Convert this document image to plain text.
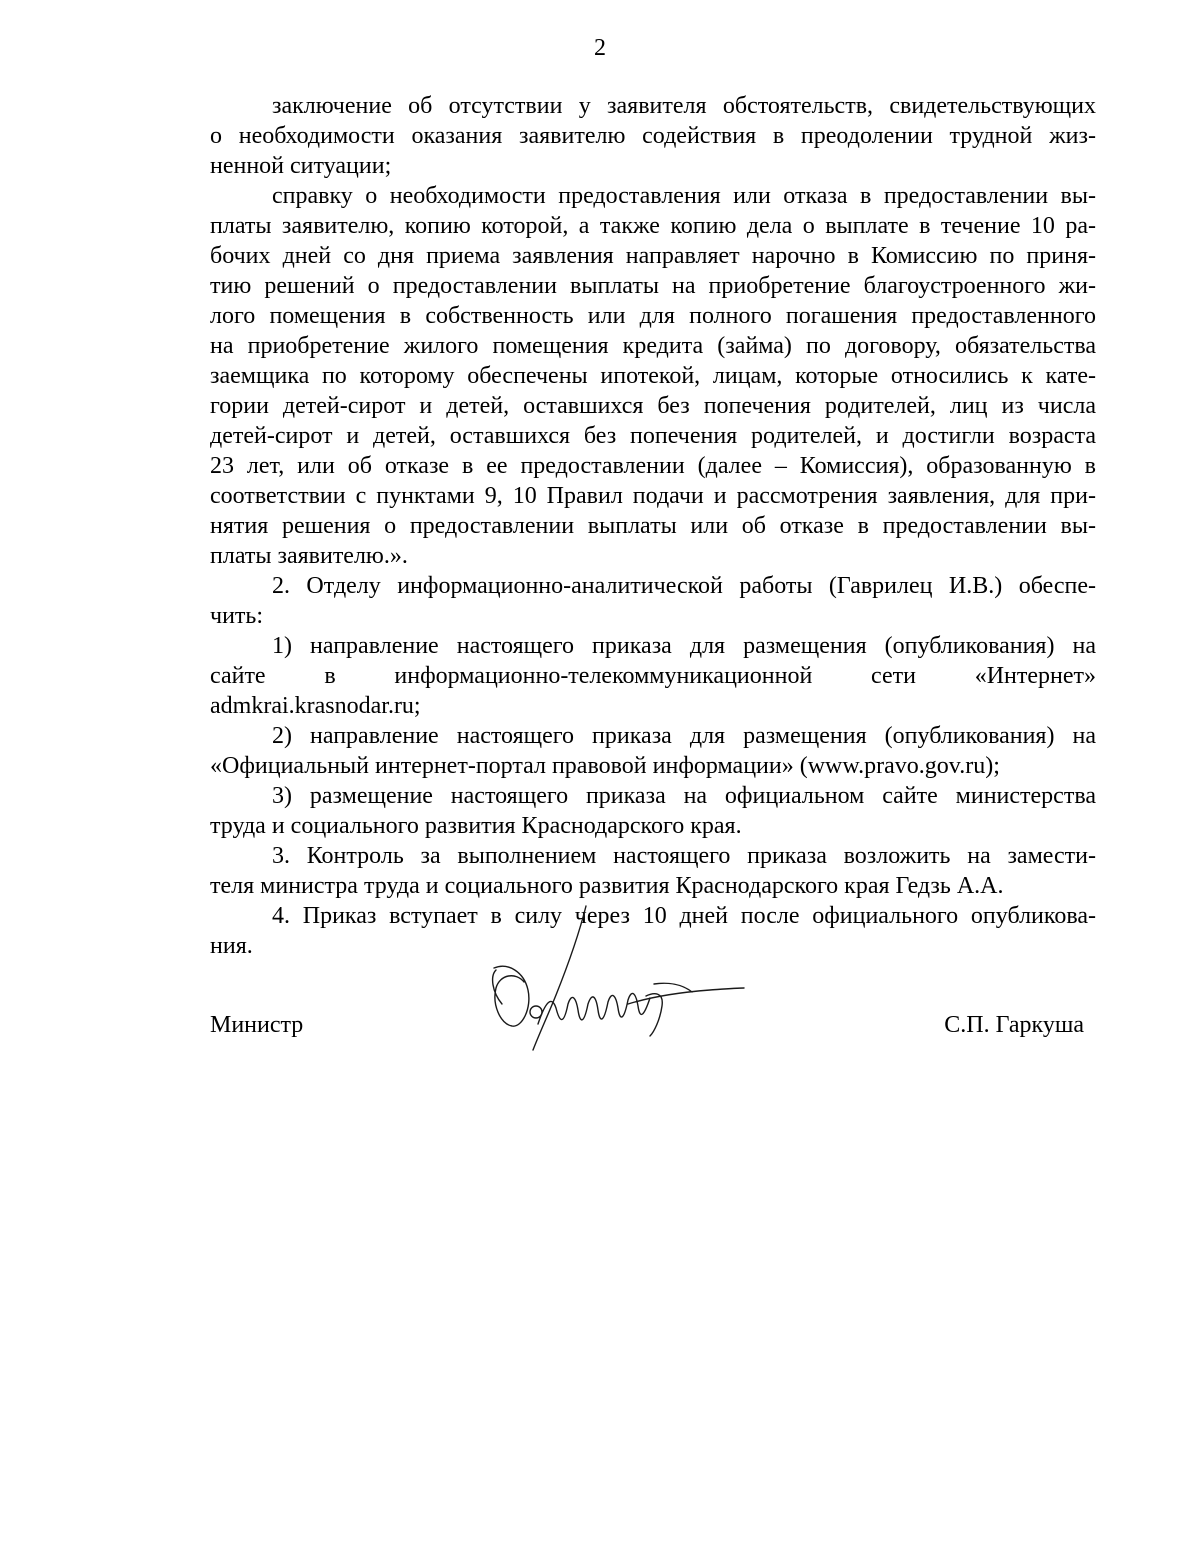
2

заключение об отсутствии у заявителя обстоятельств, свидетельствующих
о необходимости оказания заявителю содействия в преодолении трудной жиз-
ненной ситуации;

справку о необходимости предоставления или отказа в предоставлении вы-
платы заявителю, копию которой, а также копию дела о выплате в течение 10 ра-
бочих дней со дня приема заявления направляет нарочно в Комиссию по приня-
тию решений о предоставлении выплаты на приобретение благоустроенного жи-
лого помещения в собственность или для полного погашения предоставленного
на приобретение жилого помещения кредита (займа) по договору, обязательства
заемщика по которому обеспечены ипотекой, лицам, которые относились к кате-
гории детей-сирот и детей, оставшихся без попечения родителей, лиц из числа
детей-сирот и детей, оставшихся без попечения родителей, и достигли возраста
23 лет, или об отказе в ее предоставлении (далее – Комиссия), образованную в
соответствии с пунктами 9, 10 Правил подачи и рассмотрения заявления, для при-
нятия решения о предоставлении выплаты или об отказе в предоставлении вы-
платы заявителю.».

2. Отделу информационно-аналитической работы (Гаврилец И.В.) обеспе-
чить:

1) направление настоящего приказа для размещения (опубликования) на
сайте в информационно-телекоммуникационной сети «Интернет»
admkrai.krasnodar.ru;

2) направление настоящего приказа для размещения (опубликования) на
«Официальный интернет-портал правовой информации» (www.pravo.gov.ru);

3) размещение настоящего приказа на официальном сайте министерства
труда и социального развития Краснодарского края.

3. Контроль за выполнением настоящего приказа возложить на замести-
теля министра труда и социального развития Краснодарского края Гедзь А.А.

4. Приказ вступает в силу через 10 дней после официального опубликова-
ния.

Министр	С.П. Гаркуша
